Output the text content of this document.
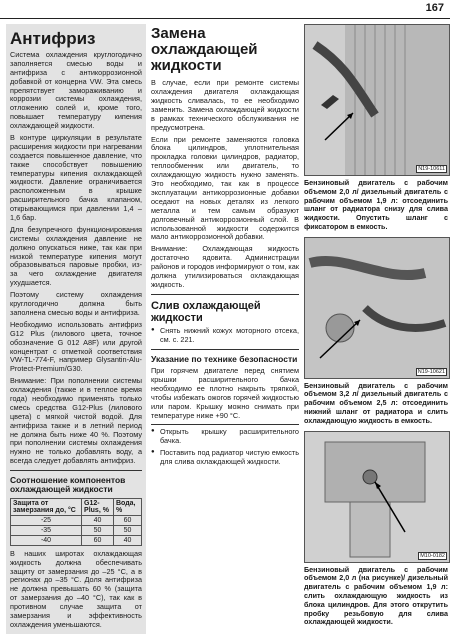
167
Антифриз

Система охлаждения круглогодично заполняется смесью воды и антифриза с антикоррозионной добавкой от концерна VW. Эта смесь препятствует замораживанию и коррозии системы охлаждения, отложению солей и, кроме того, повышает температуру кипения охлаждающей жидкости.

В контуре циркуляции в результате расширения жидкости при нагревании создается повышенное давление, что также способствует повышению температуры кипения охлаждающей жидкости. Давление ограничивается расположенным в крышке расширительного бачка клапаном, открывающимся при давлении 1,4 – 1,6 бар.

Для безупречного функционирования системы охлаждения давление не должно опускаться ниже, так как при низкой температуре кипения могут образовываться паровые пробки, из-за чего охлаждение двигателя ухудшается.

Поэтому систему охлаждения круглогодично должна быть заполнена смесью воды и антифриза.

Необходимо использовать антифриз G12 Plus (лилового цвета, точное обозначение G 012 A8F) или другой концентрат с отметкой соответствия VW-TL-774-F, например Glysantin-Alu-Protect-Premium/G30.

Внимание: При пополнении системы охлаждения (также и в теплое время года) необходимо применять только смесь средства G12-Plus (лилового цвета) с мягкой чистой водой. Для антифриза также и в летний период не должна быть ниже 40 %. Поэтому при пополнении системы охлаждения нужно не только добавлять воду, а всегда следует добавлять антифриз.

Соотношение компонентов охлаждающей жидкости
Защита от замерзания до, °C	G12-Plus, %	Вода, %
-25	40	60
-35	50	50
-40	60	40

В наших широтах охлаждающая жидкость должна обеспечивать защиту от замерзания до –25 °С, а в регионах до –35 °С. Доля антифриза не должна превышать 60 % (защита от замерзания до –40 °С), так как в противном случае защита от замерзания и эффективность охлаждения уменьшаются.

Замена охлаждающей жидкости

В случае, если при ремонте системы охлаждения двигателя охлаждающая жидкость сливалась, то ее необходимо заменить. Замена охлаждающей жидкости в рамках технического обслуживания не предусмотрена.

Если при ремонте заменяются головка блока цилиндров, уплотнительная прокладка головки цилиндров, радиатор, теплообменник или двигатель, то охлаждающую жидкость нужно заменять. Это необходимо, так как в процессе эксплуатации антикоррозионные добавки оседают на новых деталях из легкого металла и тем самым образуют долговечный антикоррозионный слой. В использованной жидкости содержится мало антикоррозионной добавки.

Внимание: Охлаждающая жидкость достаточно ядовита. Администрации районов и городов информируют о том, как должна утилизироваться охлаждающая жидкость.

Слив охлаждающей жидкости

● Снять нижний кожух моторного отсека, см. с. 221.

Указание по технике безопасности

При горячем двигателе перед снятием крышки расширительного бачка необходимо ее плотно накрыть тряпкой, чтобы избежать ожогов горячей жидкостью или паром. Крышку можно снимать при температуре ниже +90 °С.

● Открыть крышку расширительного бачка.

● Поставить под радиатор чистую емкость для слива охлаждающей жидкости.

N19-10611

Бензиновый двигатель с рабочим объемом 2,0 л/ дизельный двигатель с рабочим объемом 1,9 л: отсоединить шланг от радиатора снизу для слива жидкости. Опустить шланг с фиксатором в емкость.

N19-10621

Бензиновый двигатель с рабочим объемом 3,2 л/ дизельный двигатель с рабочим объемом 2,5 л: отсоединить нижний шланг от радиатора и слить охлаждающую жидкость в емкость.

M10-0182

Бензиновый двигатель с рабочим объемом 2,0 л (на рисунке)/ дизельный двигатель с рабочим объемом 1,9 л: слить охлаждающую жидкость из блока цилиндров. Для этого открутить пробку резьбовую для слива охлаждающей жидкости.
